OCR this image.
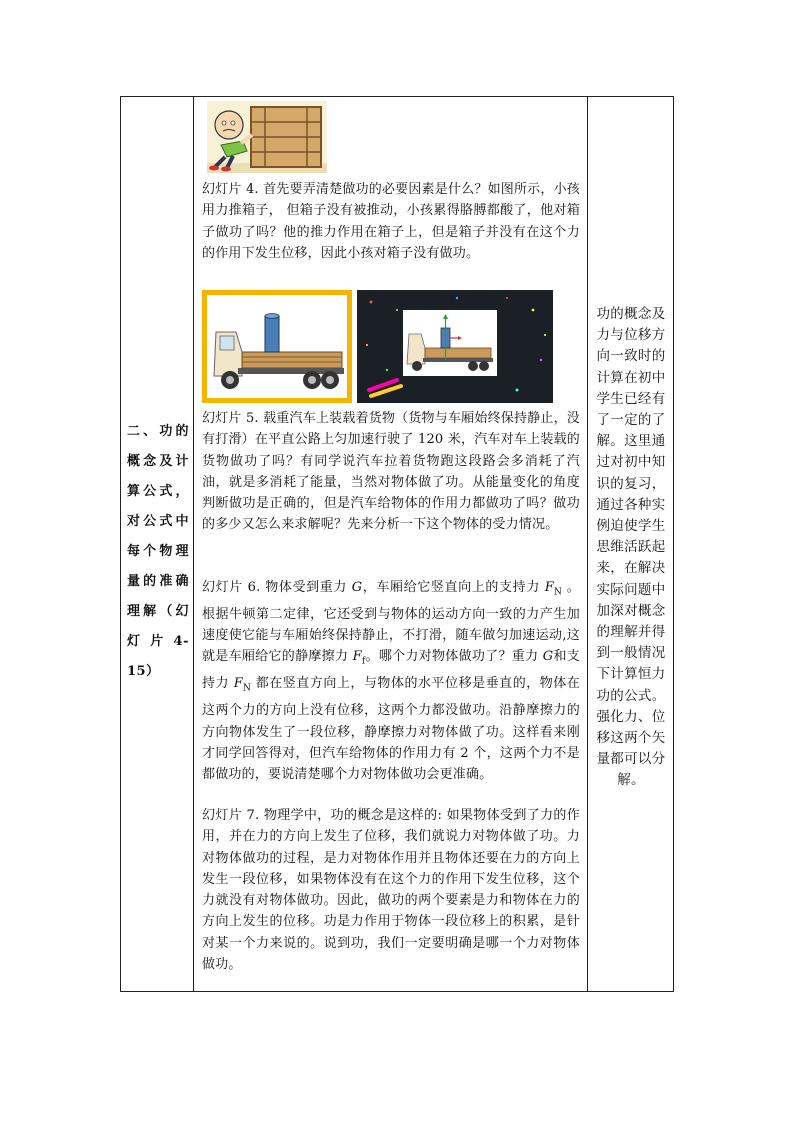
二、功的概念及计算公式，对公式中每个物理量的准确理解（幻灯片4-15）
幻灯片 4. 首先要弄清楚做功的必要因素是什么？如图所示，小孩用力推箱子， 但箱子没有被推动，小孩累得胳膊都酸了，他对箱子做功了吗？他的推力作用在箱子上，但是箱子并没有在这个力的作用下发生位移，因此小孩对箱子没有做功。
幻灯片 5. 载重汽车上装载着货物（货物与车厢始终保持静止，没有打滑）在平直公路上匀加速行驶了 120 米，汽车对车上装载的货物做功了吗？有同学说汽车拉着货物跑这段路会多消耗了汽油，就是多消耗了能量，当然对物体做了功。从能量变化的角度判断做功是正确的，但是汽车给物体的作用力都做功了吗？做功的多少又怎么来求解呢？先来分析一下这个物体的受力情况。
幻灯片 6. 物体受到重力 G，车厢给它竖直向上的支持力 $F_N$ 。根据牛顿第二定律，它还受到与物体的运动方向一致的力产生加速度使它能与车厢始终保持静止，不打滑，随车做匀加速运动,这就是车厢给它的静摩擦力 $F_f$。哪个力对物体做功了？重力 G和支持力 $F_N$ 都在竖直方向上，与物体的水平位移是垂直的，物体在这两个力的方向上没有位移，这两个力都没做功。沿静摩擦力的方向物体发生了一段位移，静摩擦力对物体做了功。这样看来刚才同学回答得对，但汽车给物体的作用力有 2 个，这两个力不是都做功的，要说清楚哪个力对物体做功会更准确。
幻灯片 7. 物理学中，功的概念是这样的: 如果物体受到了力的作用，并在力的方向上发生了位移，我们就说力对物体做了功。力对物体做功的过程，是力对物体作用并且物体还要在力的方向上发生一段位移，如果物体没有在这个力的作用下发生位移，这个力就没有对物体做功。因此，做功的两个要素是力和物体在力的方向上发生的位移。功是力作用于物体一段位移上的积累，是针对某一个力来说的。说到功，我们一定要明确是哪一个力对物体做功。
功的概念及力与位移方向一致时的计算在初中学生已经有了一定的了解。这里通过对初中知识的复习，通过各种实例迫使学生思维活跃起来，在解决实际问题中加深对概念的理解并得到一般情况下计算恒力功的公式。强化力、位移这两个矢量都可以分解。
